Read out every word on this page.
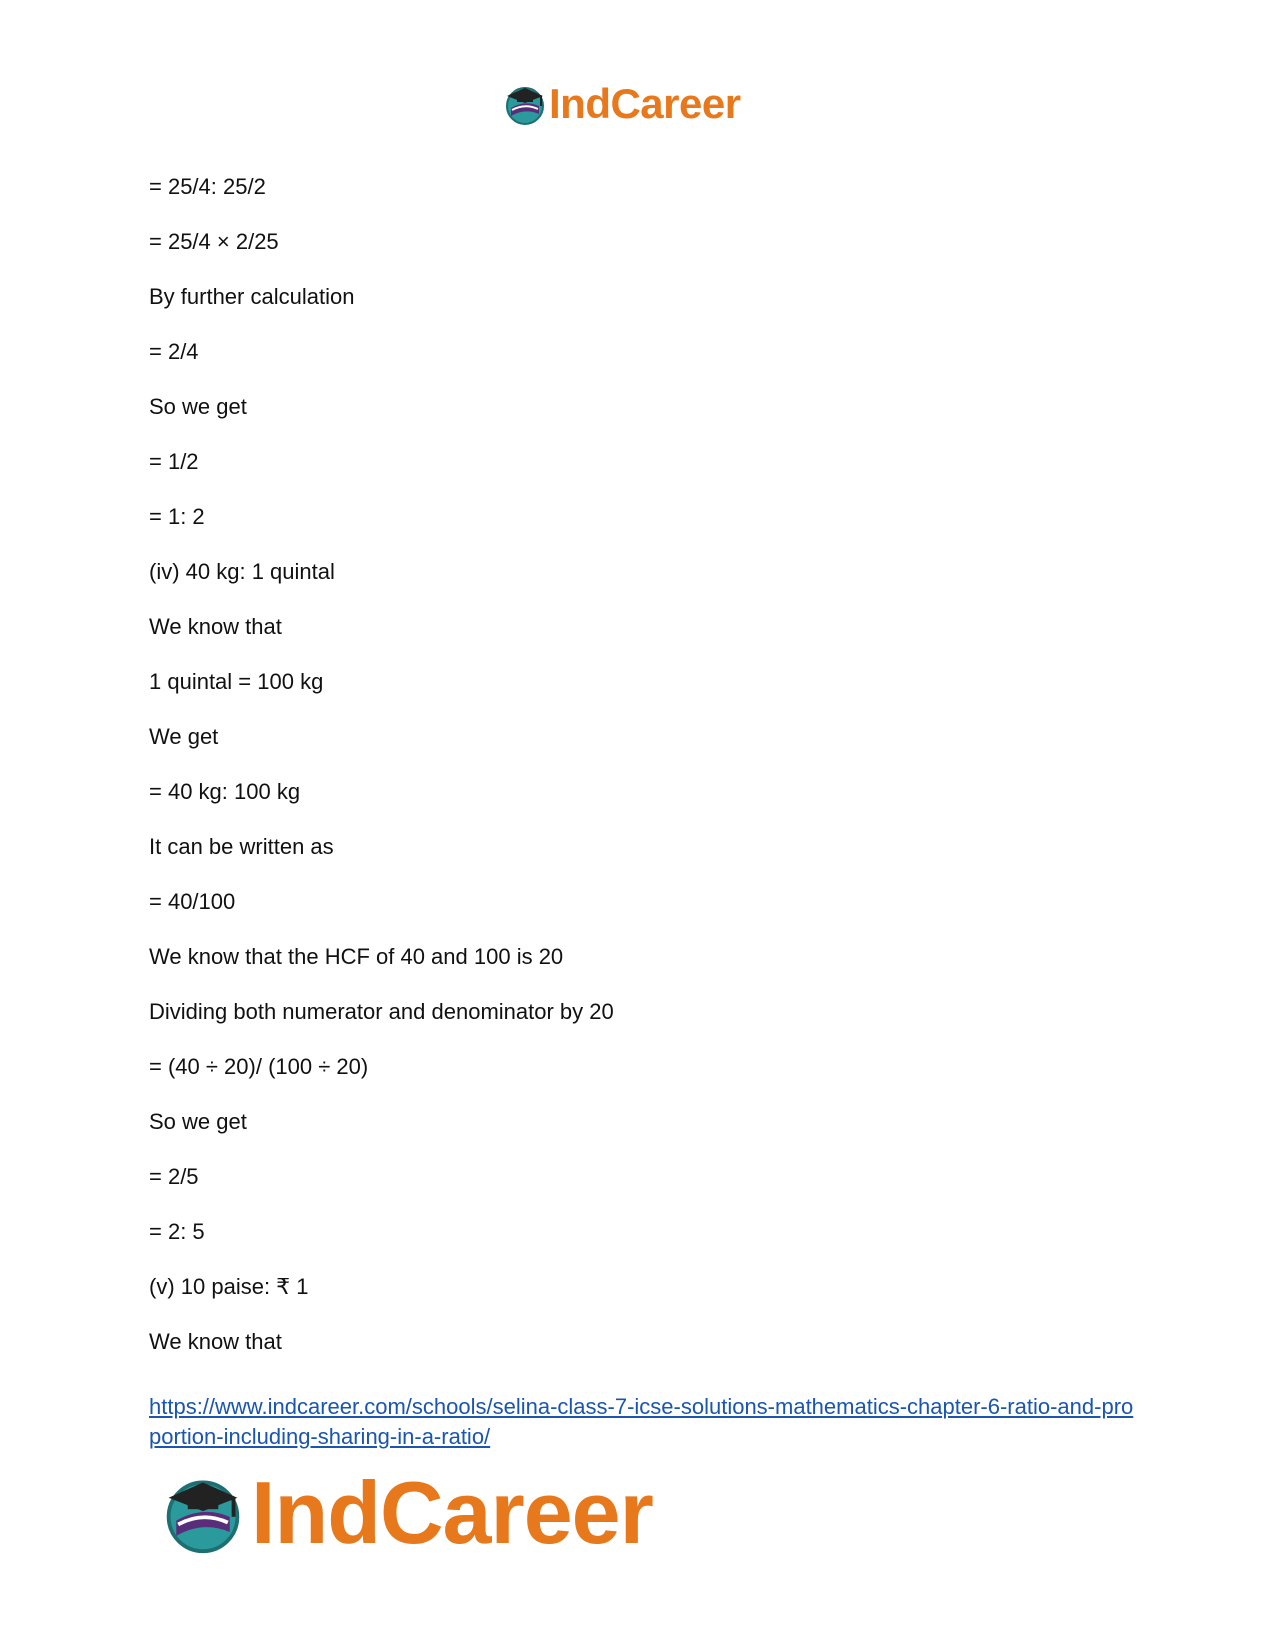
IndCareer
= 25/4: 25/2
= 25/4 × 2/25
By further calculation
= 2/4
So we get
= 1/2
= 1: 2
(iv) 40 kg: 1 quintal
We know that
1 quintal = 100 kg
We get
= 40 kg: 100 kg
It can be written as
= 40/100
We know that the HCF of 40 and 100 is 20
Dividing both numerator and denominator by 20
= (40 ÷ 20)/ (100 ÷ 20)
So we get
= 2/5
= 2: 5
(v) 10 paise: ₹ 1
We know that
https://www.indcareer.com/schools/selina-class-7-icse-solutions-mathematics-chapter-6-ratio-and-proportion-including-sharing-in-a-ratio/
IndCareer
